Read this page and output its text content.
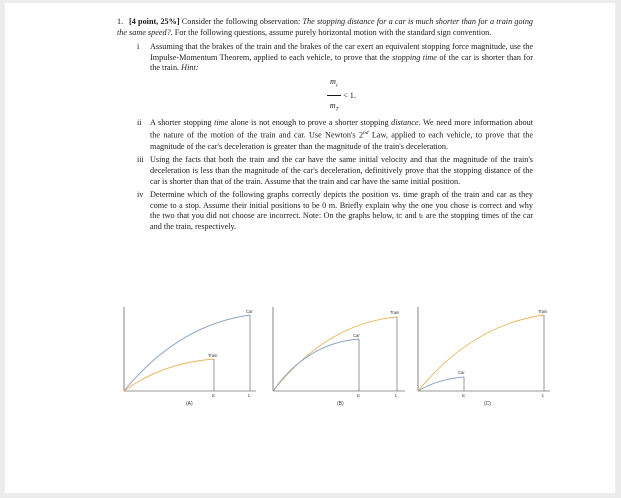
1. [4 point, 25%] Consider the following observation: The stopping distance for a car is much shorter than for a train going the same speed?. For the following questions, assume purely horizontal motion with the standard sign convention.

i Assuming that the brakes of the train and the brakes of the car exert an equivalent stopping force magnitude, use the Impulse-Momentum Theorem, applied to each vehicle, to prove that the stopping time of the car is shorter than for the train. Hint:
$\frac{m_c}{m_T} < 1$.
ii A shorter stopping time alone is not enough to prove a shorter stopping distance. We need more information about the nature of the motion of the train and car. Use Newton's 2nd Law, applied to each vehicle, to prove that the magnitude of the car's deceleration is greater than the magnitude of the train's deceleration.
iii Using the facts that both the train and the car have the same initial velocity and that the magnitude of the train's deceleration is less than the magnitude of the car's deceleration, definitively prove that the stopping distance of the car is shorter than that of the train. Assume that the train and car have the same initial position.
iv Determine which of the following graphs correctly depicts the position vs. time graph of the train and car as they come to a stop. Assume their initial positions to be 0 m. Briefly explain why the one you chose is correct and why the two that you did not choose are incorrect. Note: On the graphs below, tᴄ and tₜ are the stopping times of the car and the train, respectively.
Car
Train
tᴄ	tₜ
(A)
Train
Car
tᴄ	tₜ
(B)
Train
Car
tᴄ	tₜ
(C)
